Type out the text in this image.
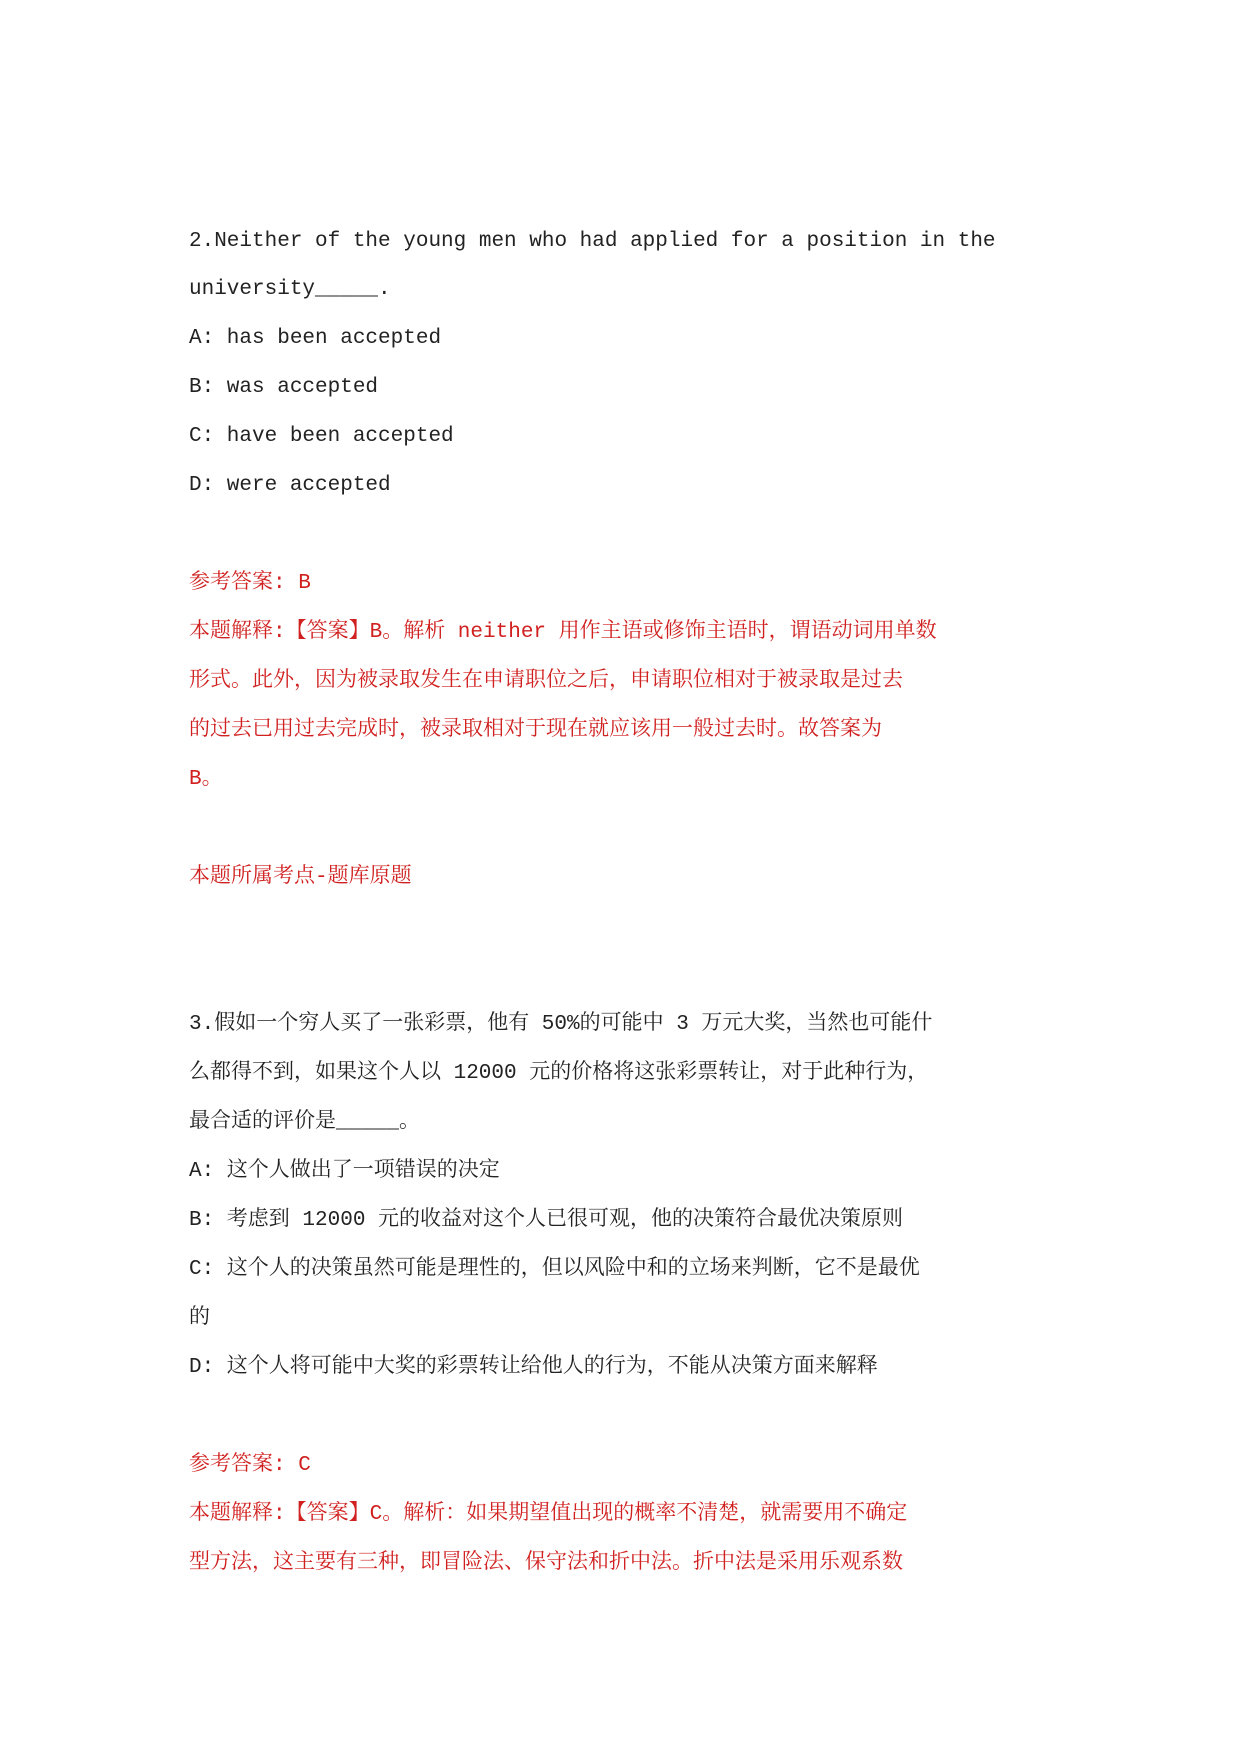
2.Neither of the young men who had applied for a position in the
university_____.
A: has been accepted
B: was accepted
C: have been accepted
D: were accepted
参考答案: B
本题解释:【答案】B。解析 neither 用作主语或修饰主语时，谓语动词用单数
形式。此外，因为被录取发生在申请职位之后，申请职位相对于被录取是过去
的过去已用过去完成时，被录取相对于现在就应该用一般过去时。故答案为
B。
本题所属考点-题库原题
3.假如一个穷人买了一张彩票，他有 50%的可能中 3 万元大奖，当然也可能什
么都得不到，如果这个人以 12000 元的价格将这张彩票转让，对于此种行为，
最合适的评价是_____。
A: 这个人做出了一项错误的决定
B: 考虑到 12000 元的收益对这个人已很可观，他的决策符合最优决策原则
C: 这个人的决策虽然可能是理性的，但以风险中和的立场来判断，它不是最优
的
D: 这个人将可能中大奖的彩票转让给他人的行为，不能从决策方面来解释
参考答案: C
本题解释:【答案】C。解析：如果期望值出现的概率不清楚，就需要用不确定
型方法，这主要有三种，即冒险法、保守法和折中法。折中法是采用乐观系数
